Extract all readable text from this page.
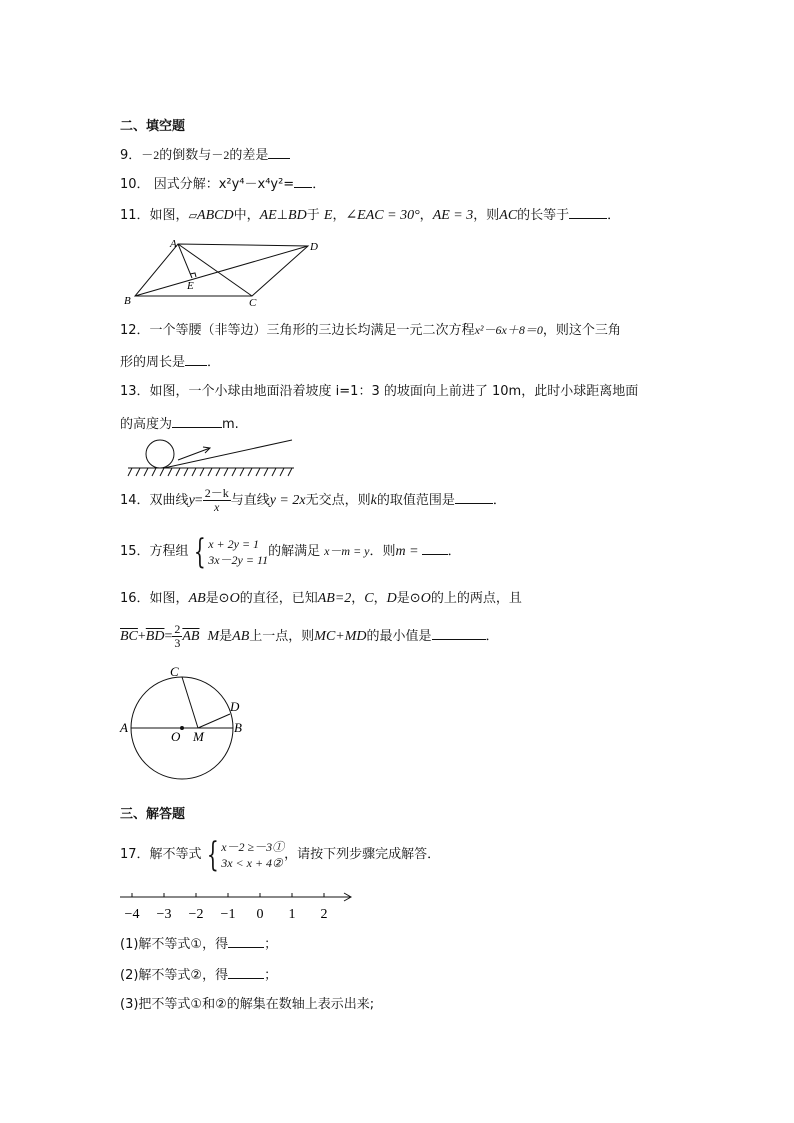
二、填空题
9．－2的倒数与－2的差是
10． 因式分解：x²y⁴－x⁴y²= ．
11．如图，▱ABCD中，AE⊥BD于 E，∠EAC = 30°，AE = 3，则AC的长等于	．
A	D
B	C
E
12．一个等腰（非等边）三角形的三边长均满足一元二次方程x²－6x＋8＝0，则这个三角
形的周长是 ．
13．如图，一个小球由地面沿着坡度 i=1：3 的坡面向上前进了 10m，此时小球距离地面
的高度为	m.
14．双曲线$y= \frac{2-k}{x}$ 与直线y = 2x无交点，则k的取值范围是	．
15．方程组 { x + 2y = 1
3x－2y = 11
的解满足 x－m = y．则m = ．
16．如图，AB是⊙O的直径，已知AB=2，C，D是⊙O的上的两点，且
$\overline{BC}+\overline{BD}= \frac{2}{3} \overline{AB}$ M是AB上一点，则MC+MD的最小值是	．
C
D
A	B
O M
三、解答题
17．解不等式 { x－2 ≥－3①
3x < x + 4②
，请按下列步骤完成解答．
−4 −3 −2 −1 0 1 2
(1)解不等式①，得	；
(2)解不等式②，得	；
(3)把不等式①和②的解集在数轴上表示出来;
